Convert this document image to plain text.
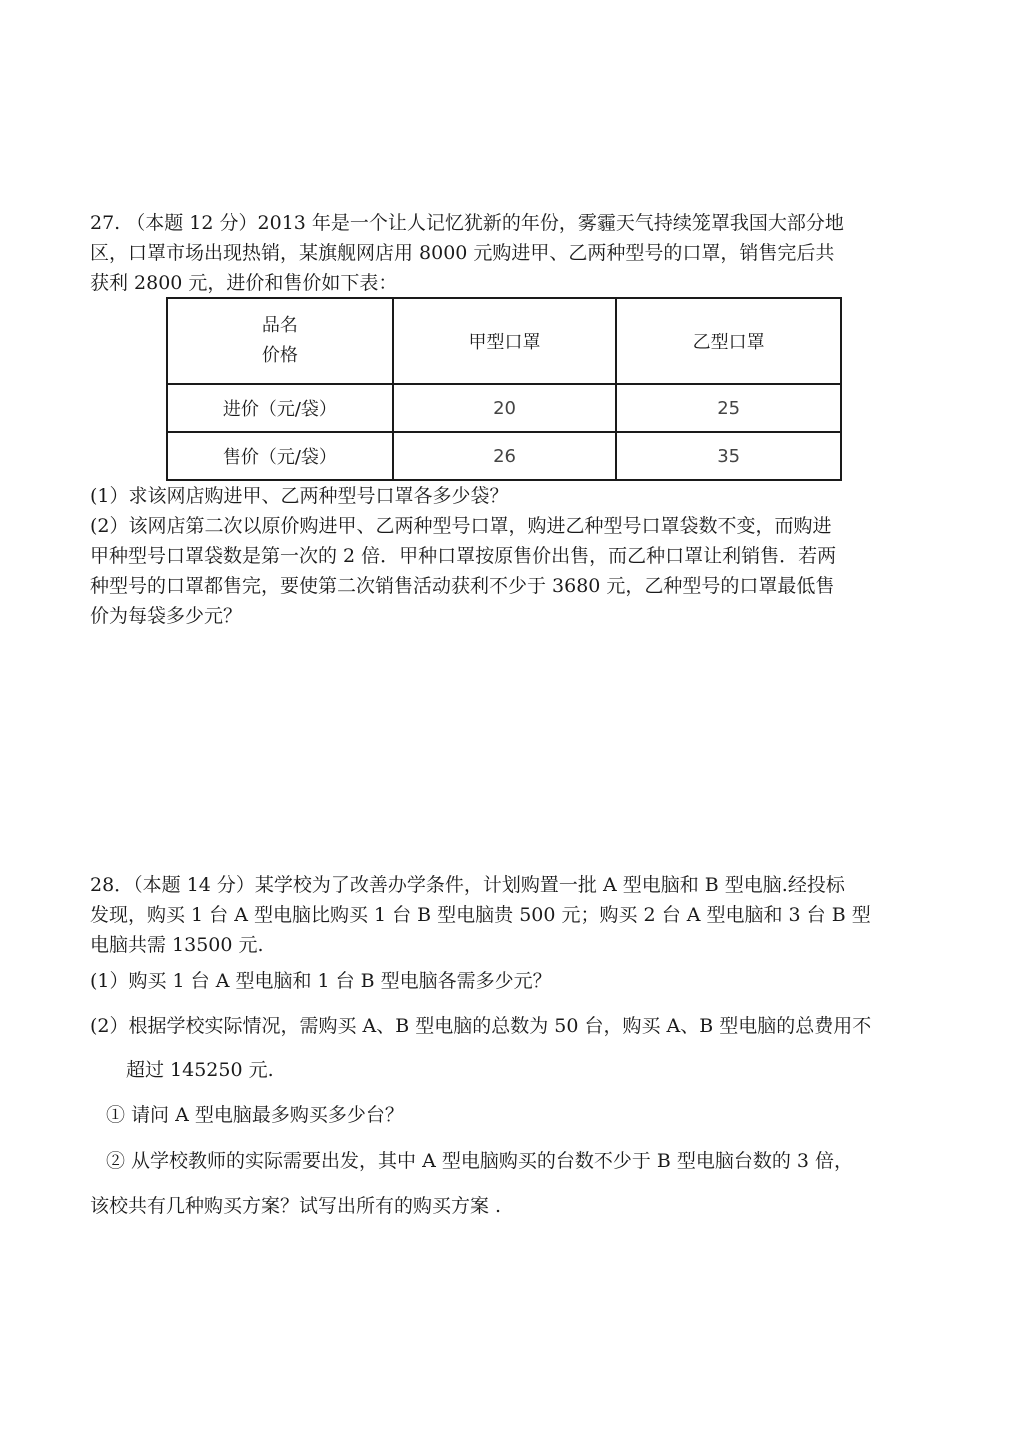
27. （本题 12 分）2013 年是一个让人记忆犹新的年份，雾霾天气持续笼罩我国大部分地
区，口罩市场出现热销，某旗舰网店用 8000 元购进甲、乙两种型号的口罩，销售完后共
获利 2800 元，进价和售价如下表：
品名
价格	甲型口罩	乙型口罩
进价（元/袋）	20	25
售价（元/袋）	26	35
(1）求该网店购进甲、乙两种型号口罩各多少袋？
(2）该网店第二次以原价购进甲、乙两种型号口罩，购进乙种型号口罩袋数不变，而购进
甲种型号口罩袋数是第一次的 2 倍．甲种口罩按原售价出售，而乙种口罩让利销售．若两
种型号的口罩都售完，要使第二次销售活动获利不少于 3680 元，乙种型号的口罩最低售
价为每袋多少元？
28．（本题 14 分）某学校为了改善办学条件，计划购置一批 A 型电脑和 B 型电脑.经投标
发现，购买 1 台 A 型电脑比购买 1 台 B 型电脑贵 500 元；购买 2 台 A 型电脑和 3 台 B 型
电脑共需 13500 元.
(1）购买 1 台 A 型电脑和 1 台 B 型电脑各需多少元？
(2）根据学校实际情况，需购买 A、B 型电脑的总数为 50 台，购买 A、B 型电脑的总费用不
超过 145250 元.
① 请问 A 型电脑最多购买多少台？
② 从学校教师的实际需要出发，其中 A 型电脑购买的台数不少于 B 型电脑台数的 3 倍，
该校共有几种购买方案？试写出所有的购买方案 .
